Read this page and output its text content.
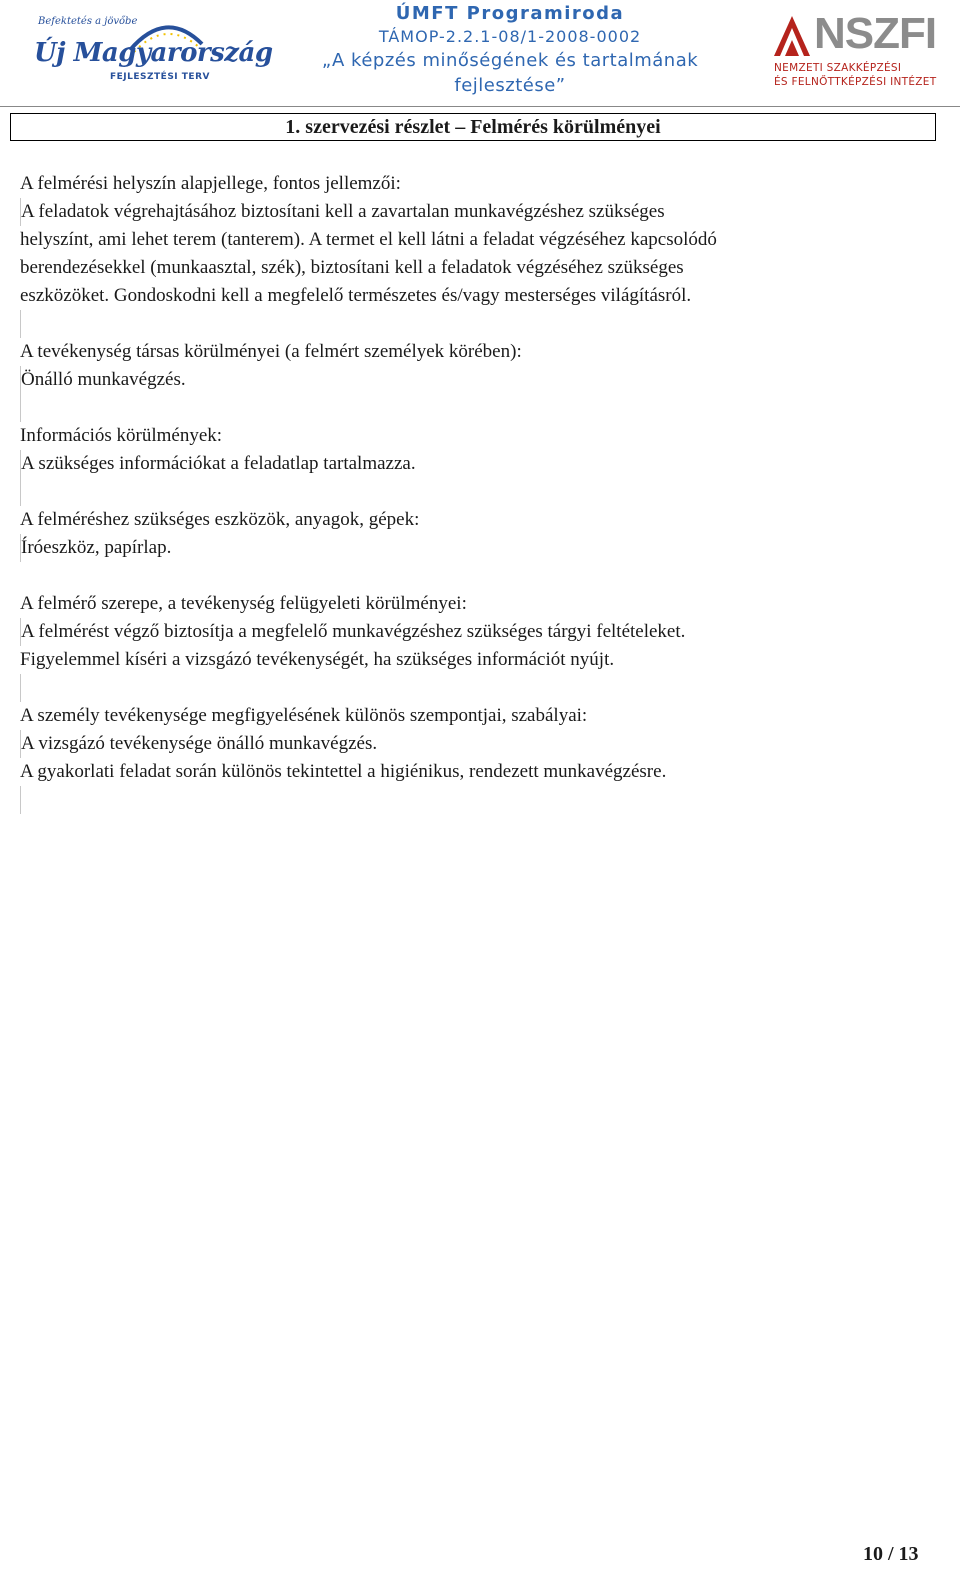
Befektetés a jövőbe
Új Magyarország
FEJLESZTÉSI TERV
ÚMFT Programiroda
TÁMOP-2.2.1-08/1-2008-0002
„A képzés minőségének és tartalmának
fejlesztése”
NSZFI
NEMZETI SZAKKÉPZÉSI
ÉS FELNŐTTKÉPZÉSI INTÉZET
1. szervezési részlet – Felmérés körülményei
A felmérési helyszín alapjellege, fontos jellemzői:
A feladatok végrehajtásához biztosítani kell a zavartalan munkavégzéshez szükséges
helyszínt, ami lehet terem (tanterem). A termet el kell látni a feladat végzéséhez kapcsolódó
berendezésekkel (munkaasztal, szék), biztosítani kell a feladatok végzéséhez szükséges
eszközöket. Gondoskodni kell a megfelelő természetes és/vagy mesterséges világításról.
A tevékenység társas körülményei (a felmért személyek körében):
Önálló munkavégzés.
Információs körülmények:
A szükséges információkat a feladatlap tartalmazza.
A felméréshez szükséges eszközök, anyagok, gépek:
Íróeszköz, papírlap.
A felmérő szerepe, a tevékenység felügyeleti körülményei:
A felmérést végző biztosítja a megfelelő munkavégzéshez szükséges tárgyi feltételeket.
Figyelemmel kíséri a vizsgázó tevékenységét, ha szükséges információt nyújt.
A személy tevékenysége megfigyelésének különös szempontjai, szabályai:
A vizsgázó tevékenysége önálló munkavégzés.
A gyakorlati feladat során különös tekintettel a higiénikus, rendezett munkavégzésre.
10 / 13
